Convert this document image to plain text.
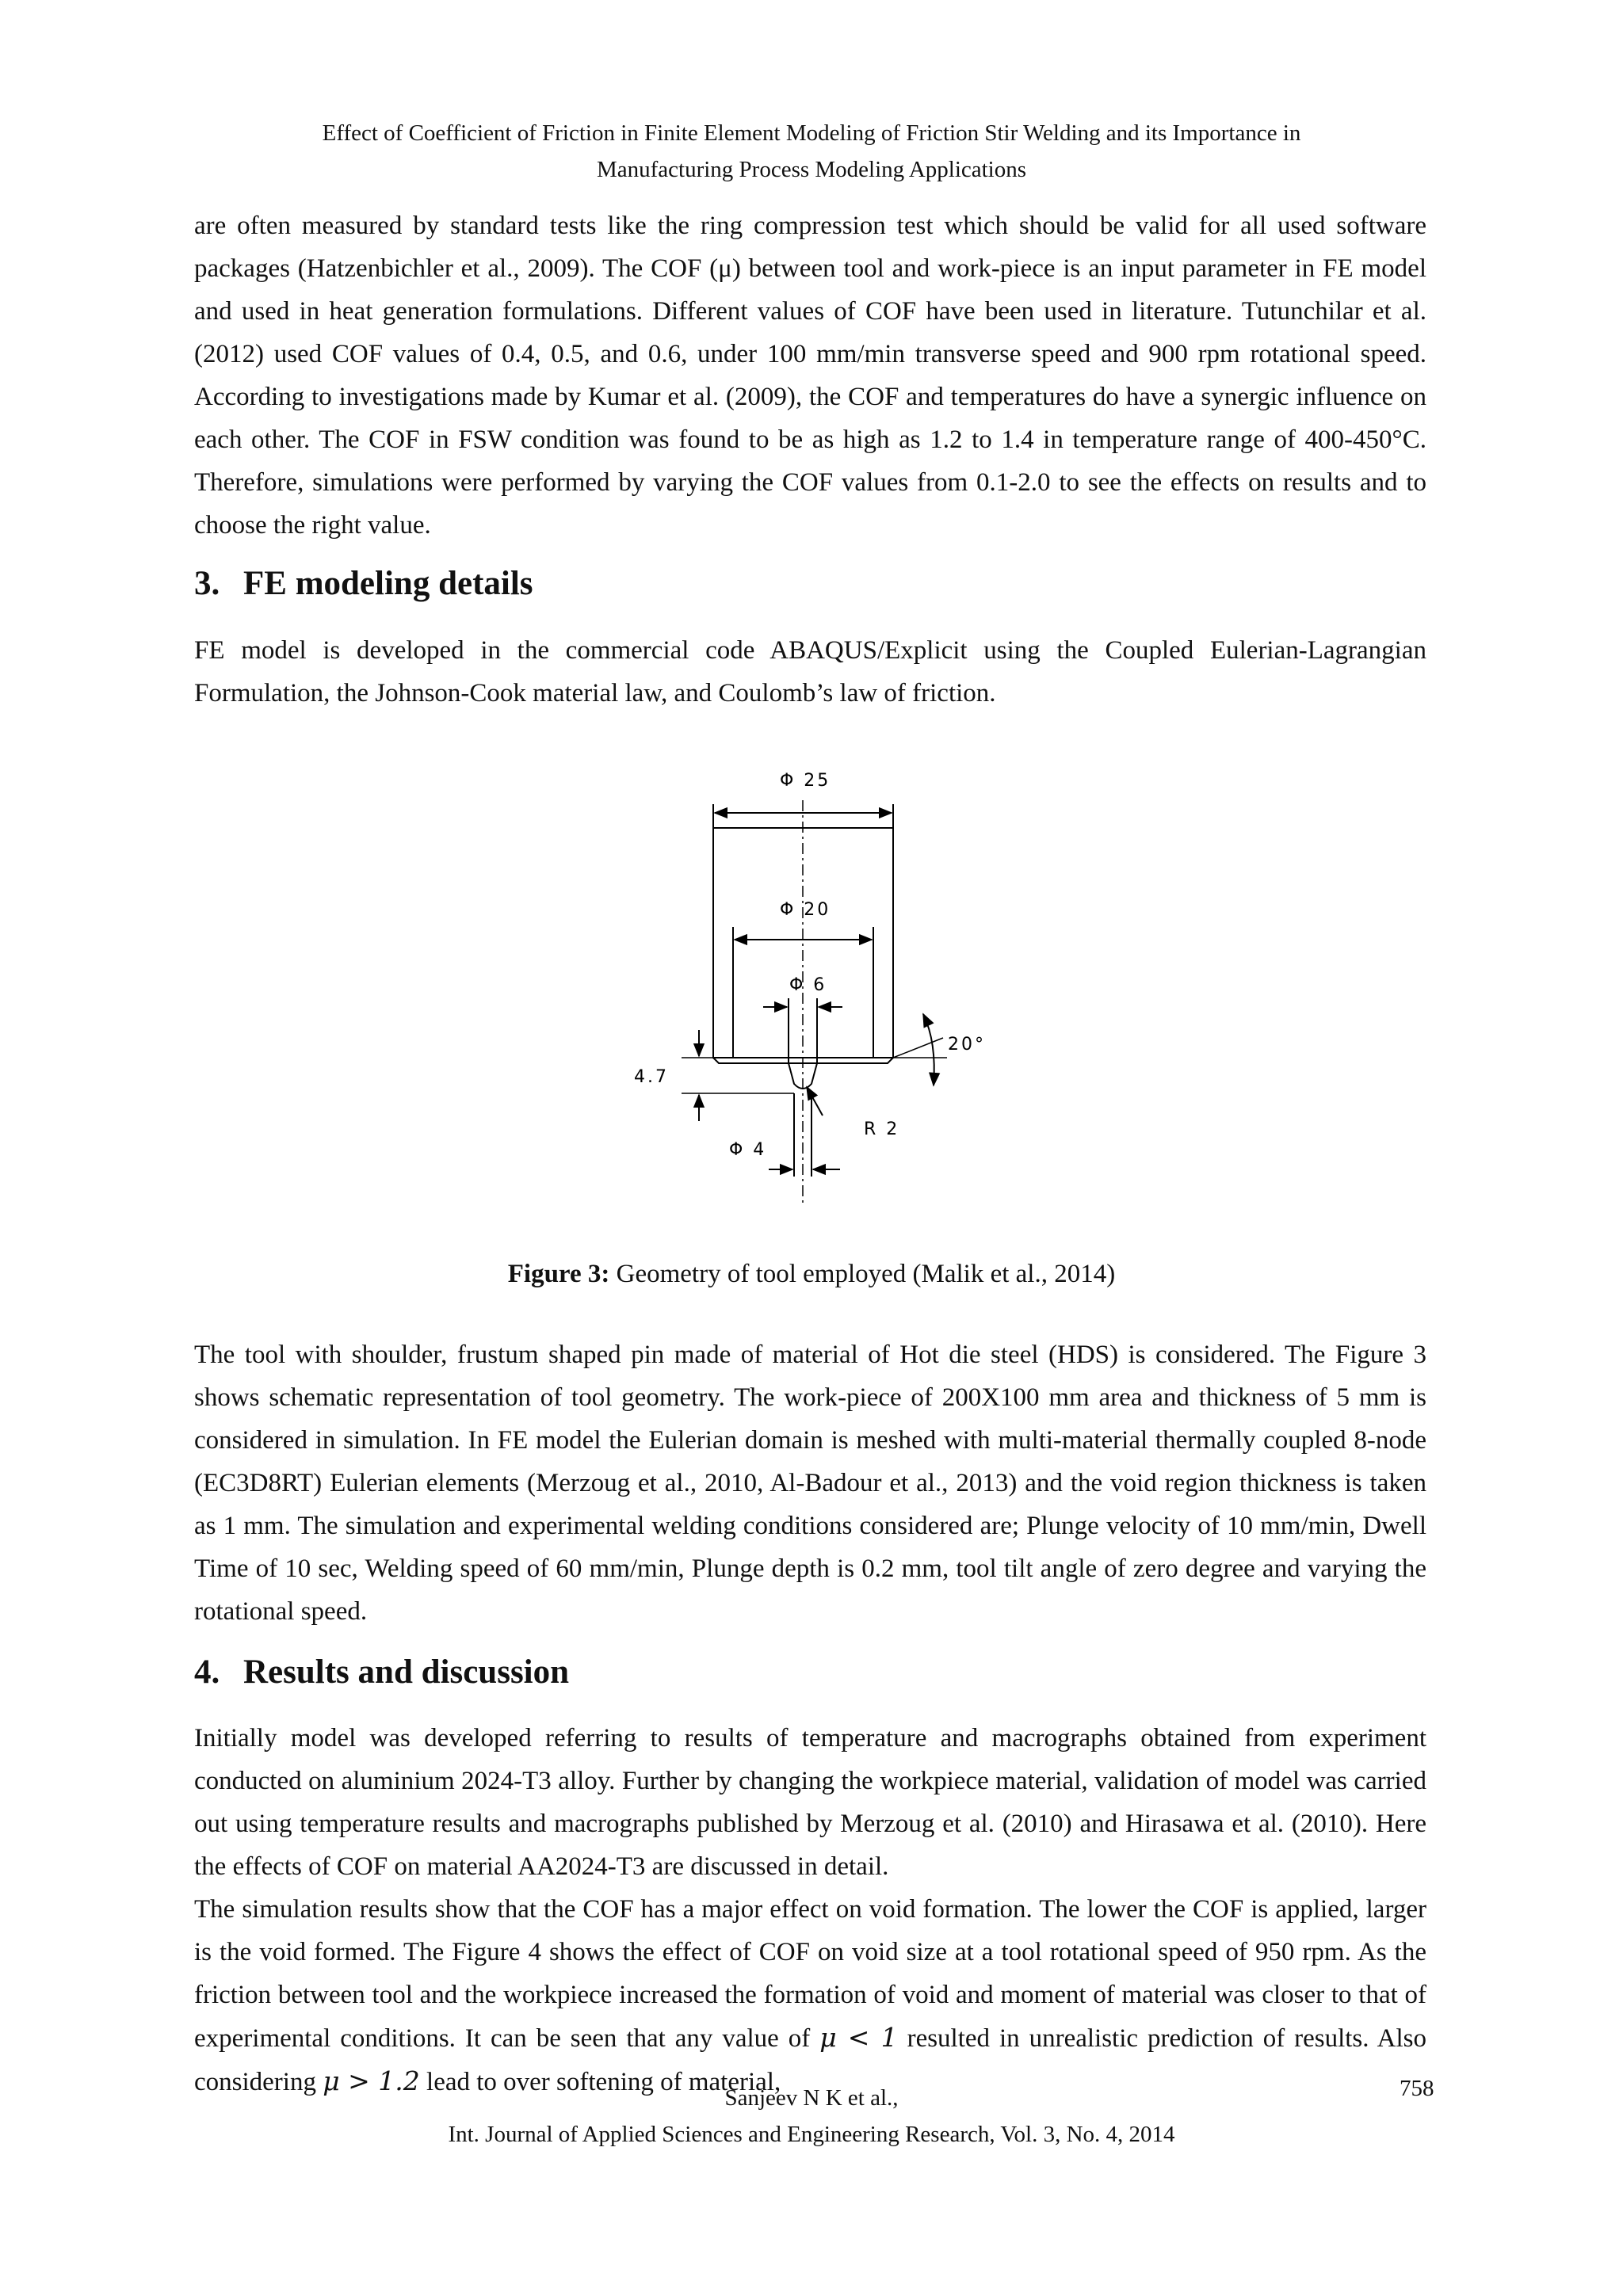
Effect of Coefficient of Friction in Finite Element Modeling of Friction Stir Welding and its Importance in
Manufacturing Process Modeling Applications

are often measured by standard tests like the ring compression test which should be valid for all used software packages (Hatzenbichler et al., 2009). The COF (μ) between tool and work-piece is an input parameter in FE model and used in heat generation formulations. Different values of COF have been used in literature. Tutunchilar et al. (2012) used COF values of 0.4, 0.5, and 0.6, under 100 mm/min transverse speed and 900 rpm rotational speed. According to investigations made by Kumar et al. (2009), the COF and temperatures do have a synergic influence on each other. The COF in FSW condition was found to be as high as 1.2 to 1.4 in temperature range of 400-450°C. Therefore, simulations were performed by varying the COF values from 0.1-2.0 to see the effects on results and to choose the right value.

3. FE modeling details

FE model is developed in the commercial code ABAQUS/Explicit using the Coupled Eulerian-Lagrangian Formulation, the Johnson-Cook material law, and Coulomb’s law of friction.

Φ 25
Φ 20
Φ 6
20°
4.7
R 2
Φ 4
Figure 3: Geometry of tool employed (Malik et al., 2014)

The tool with shoulder, frustum shaped pin made of material of Hot die steel (HDS) is considered. The Figure 3 shows schematic representation of tool geometry. The work-piece of 200X100 mm area and thickness of 5 mm is considered in simulation. In FE model the Eulerian domain is meshed with multi-material thermally coupled 8-node (EC3D8RT) Eulerian elements (Merzoug et al., 2010, Al-Badour et al., 2013) and the void region thickness is taken as 1 mm. The simulation and experimental welding conditions considered are; Plunge velocity of 10 mm/min, Dwell Time of 10 sec, Welding speed of 60 mm/min, Plunge depth is 0.2 mm, tool tilt angle of zero degree and varying the rotational speed.

4. Results and discussion

Initially model was developed referring to results of temperature and macrographs obtained from experiment conducted on aluminium 2024-T3 alloy. Further by changing the workpiece material, validation of model was carried out using temperature results and macrographs published by Merzoug et al. (2010) and Hirasawa et al. (2010). Here the effects of COF on material AA2024-T3 are discussed in detail.

The simulation results show that the COF has a major effect on void formation. The lower the COF is applied, larger is the void formed. The Figure 4 shows the effect of COF on void size at a tool rotational speed of 950 rpm. As the friction between tool and the workpiece increased the formation of void and moment of material was closer to that of experimental conditions. It can be seen that any value of μ < 1 resulted in unrealistic prediction of results. Also considering μ > 1.2 lead to over softening of material,

Sanjeev N K et al.,
Int. Journal of Applied Sciences and Engineering Research, Vol. 3, No. 4, 2014
758
